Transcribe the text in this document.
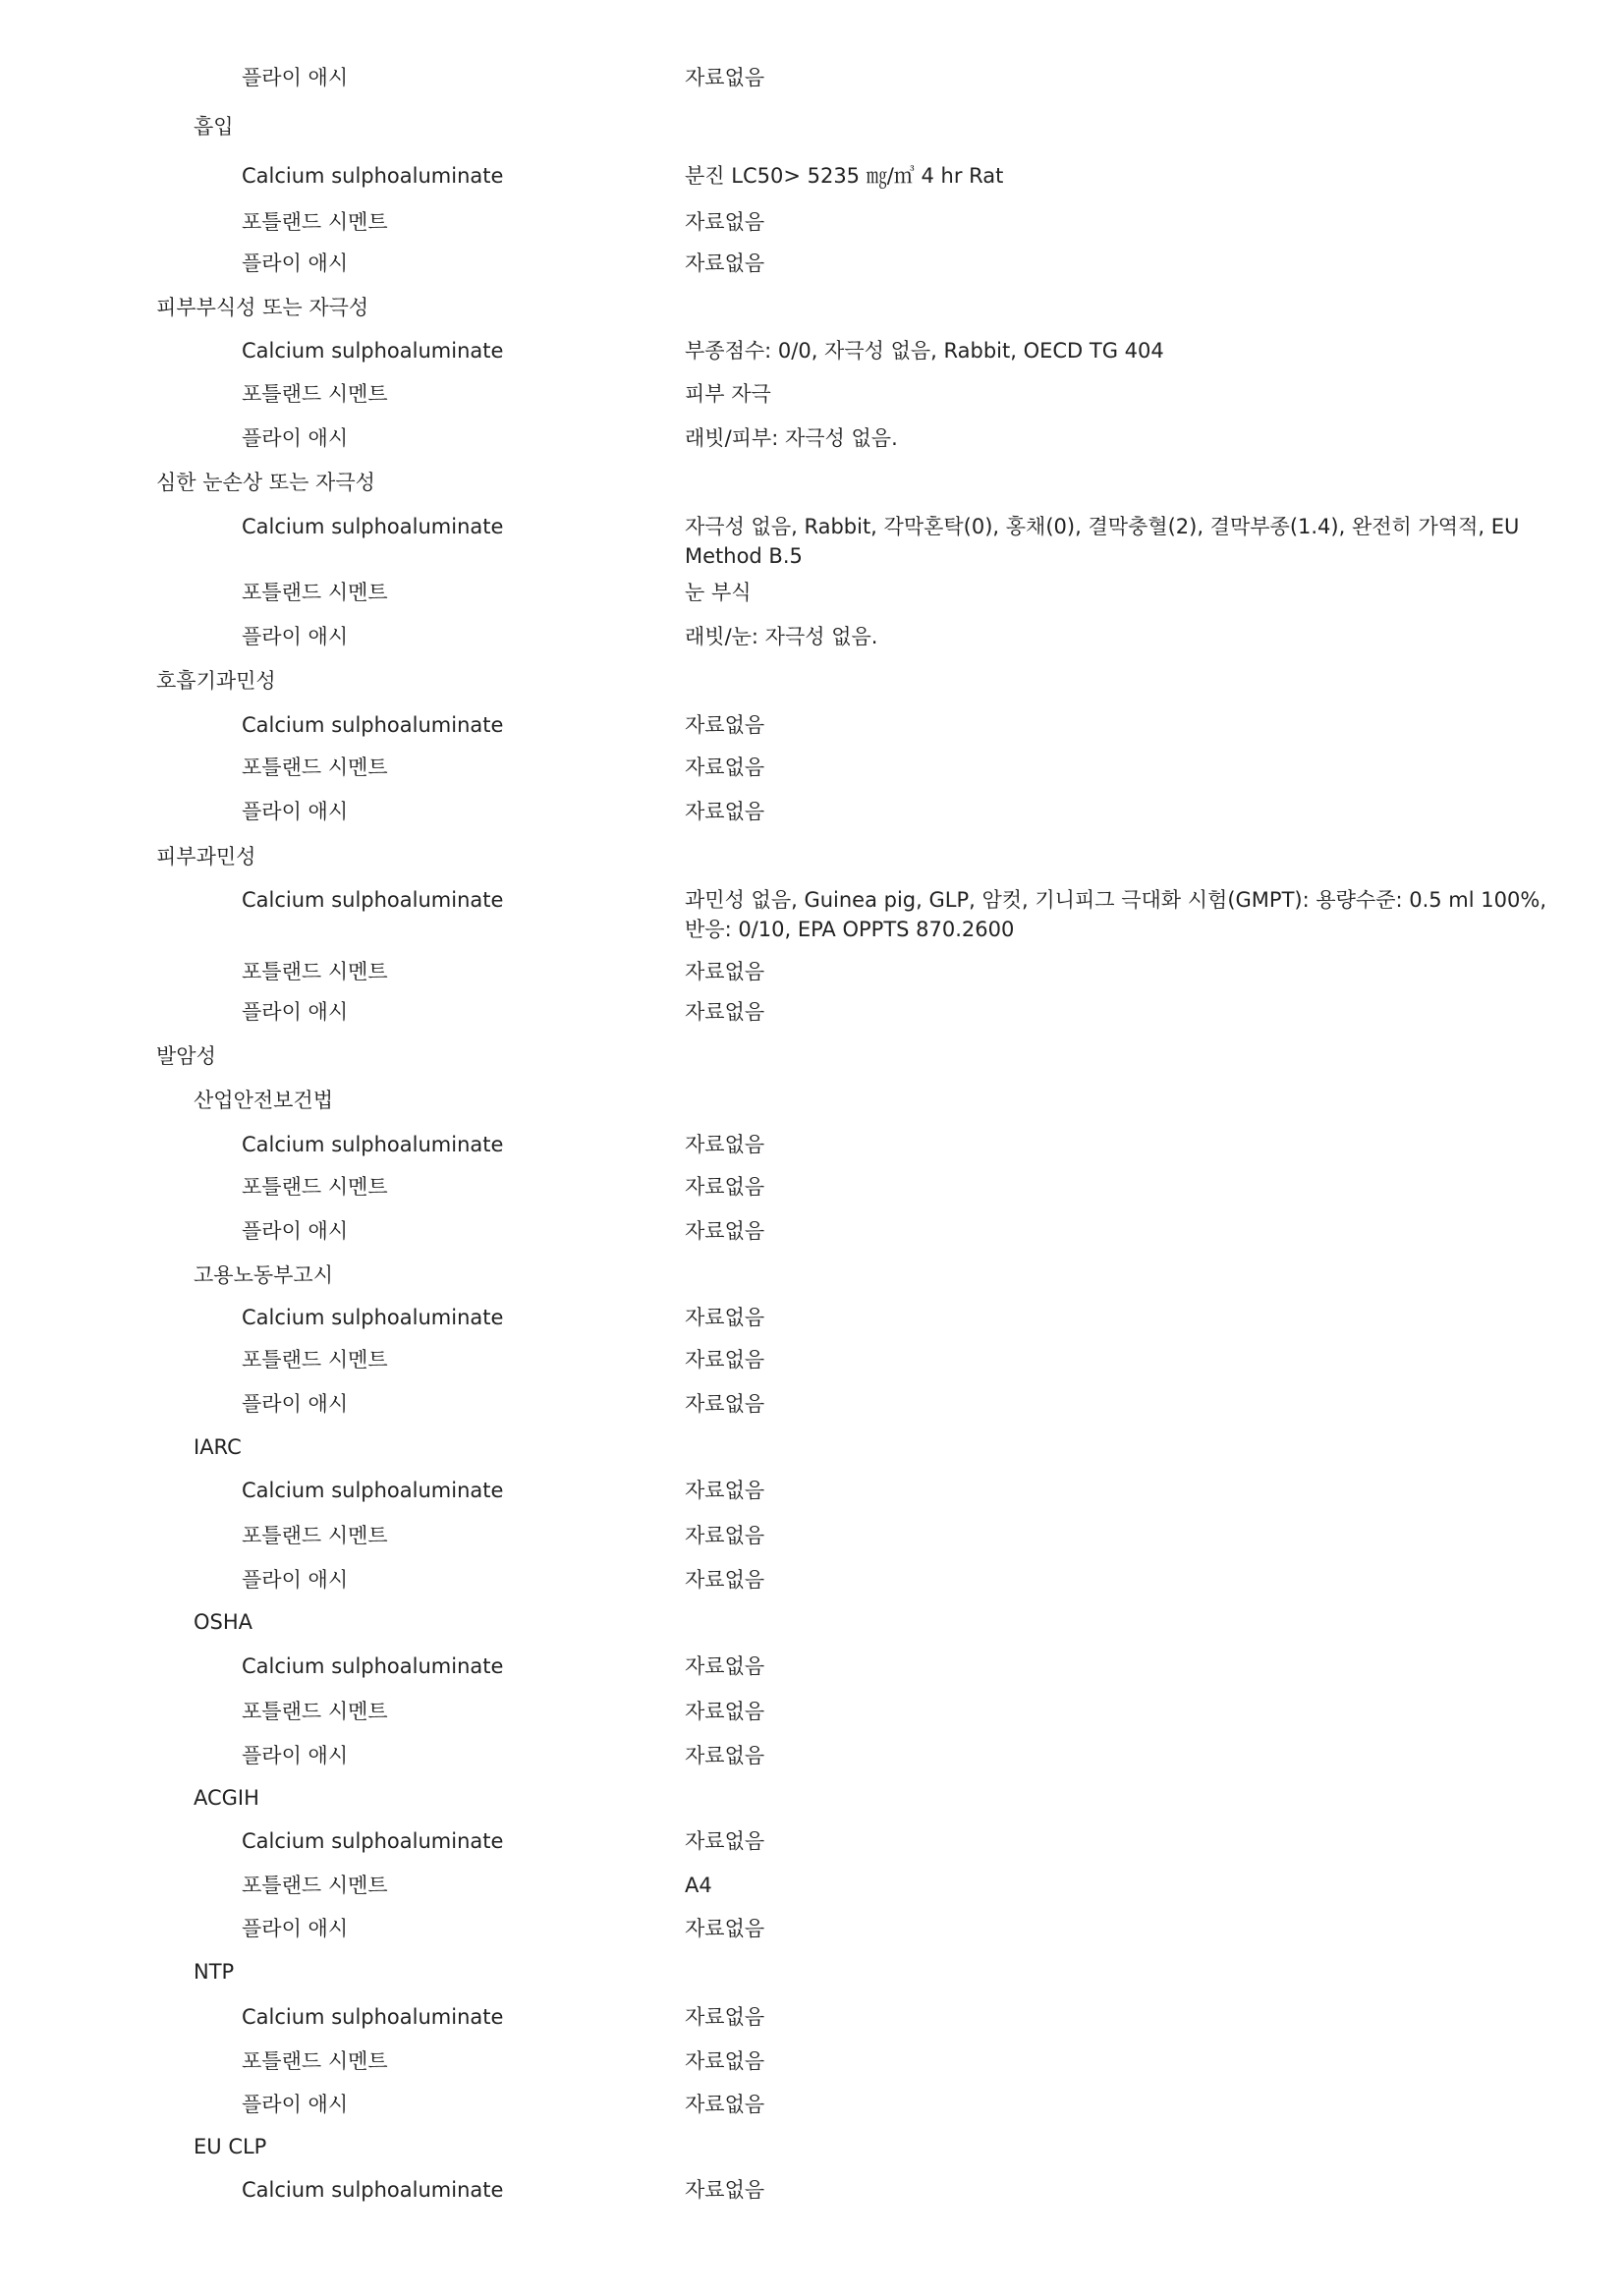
플라이 애시	자료없음
흡입
Calcium sulphoaluminate	분진 LC50> 5235 ㎎/㎥ 4 hr Rat
포틀랜드 시멘트	자료없음
플라이 애시	자료없음
피부부식성 또는 자극성
Calcium sulphoaluminate	부종점수: 0/0, 자극성 없음, Rabbit, OECD TG 404
포틀랜드 시멘트	피부 자극
플라이 애시	래빗/피부: 자극성 없음.
심한 눈손상 또는 자극성
Calcium sulphoaluminate	자극성 없음, Rabbit, 각막혼탁(0), 홍채(0), 결막충혈(2), 결막부종(1.4), 완전히 가역적, EU Method B.5
포틀랜드 시멘트	눈 부식
플라이 애시	래빗/눈: 자극성 없음.
호흡기과민성
Calcium sulphoaluminate	자료없음
포틀랜드 시멘트	자료없음
플라이 애시	자료없음
피부과민성
Calcium sulphoaluminate	과민성 없음, Guinea pig, GLP, 암컷, 기니피그 극대화 시험(GMPT): 용량수준: 0.5 ml 100%, 반응: 0/10, EPA OPPTS 870.2600
포틀랜드 시멘트	자료없음
플라이 애시	자료없음
발암성
산업안전보건법
Calcium sulphoaluminate	자료없음
포틀랜드 시멘트	자료없음
플라이 애시	자료없음
고용노동부고시
Calcium sulphoaluminate	자료없음
포틀랜드 시멘트	자료없음
플라이 애시	자료없음
IARC
Calcium sulphoaluminate	자료없음
포틀랜드 시멘트	자료없음
플라이 애시	자료없음
OSHA
Calcium sulphoaluminate	자료없음
포틀랜드 시멘트	자료없음
플라이 애시	자료없음
ACGIH
Calcium sulphoaluminate	자료없음
포틀랜드 시멘트	A4
플라이 애시	자료없음
NTP
Calcium sulphoaluminate	자료없음
포틀랜드 시멘트	자료없음
플라이 애시	자료없음
EU CLP
Calcium sulphoaluminate	자료없음
